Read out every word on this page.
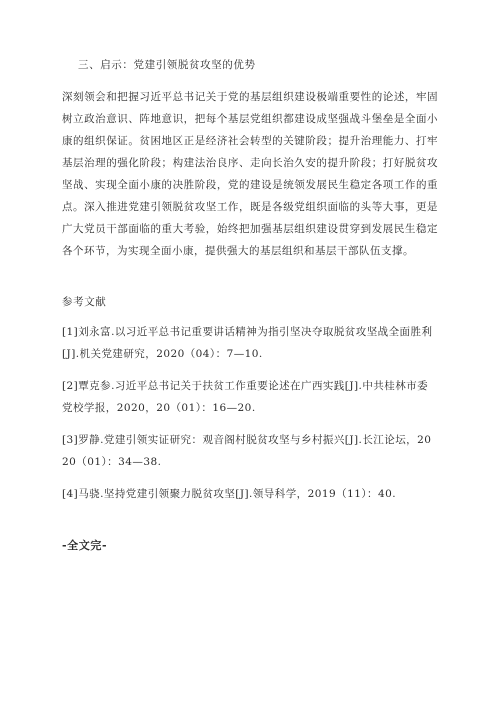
三、启示：党建引领脱贫攻坚的优势
深刻领会和把握习近平总书记关于党的基层组织建设极端重要性的论述，牢固树立政治意识、阵地意识，把每个基层党组织都建设成坚强战斗堡垒是全面小康的组织保证。贫困地区正是经济社会转型的关键阶段；提升治理能力、打牢基层治理的强化阶段；构建法治良序、走向长治久安的提升阶段；打好脱贫攻坚战、实现全面小康的决胜阶段，党的建设是统领发展民生稳定各项工作的重点。深入推进党建引领脱贫攻坚工作，既是各级党组织面临的头等大事，更是广大党员干部面临的重大考验，始终把加强基层组织建设贯穿到发展民生稳定各个环节，为实现全面小康，提供强大的基层组织和基层干部队伍支撑。
参考文献
[1]刘永富.以习近平总书记重要讲话精神为指引坚决夺取脱贫攻坚战全面胜利[J].机关党建研究，2020（04）：7—10.
[2]覃克参.习近平总书记关于扶贫工作重要论述在广西实践[J].中共桂林市委党校学报，2020，20（01）：16—20.
[3]罗静.党建引领实证研究：观音阁村脱贫攻坚与乡村振兴[J].长江论坛，2020（01）：34—38.
[4]马骁.坚持党建引领聚力脱贫攻坚[J].领导科学，2019（11）：40.
-全文完-
